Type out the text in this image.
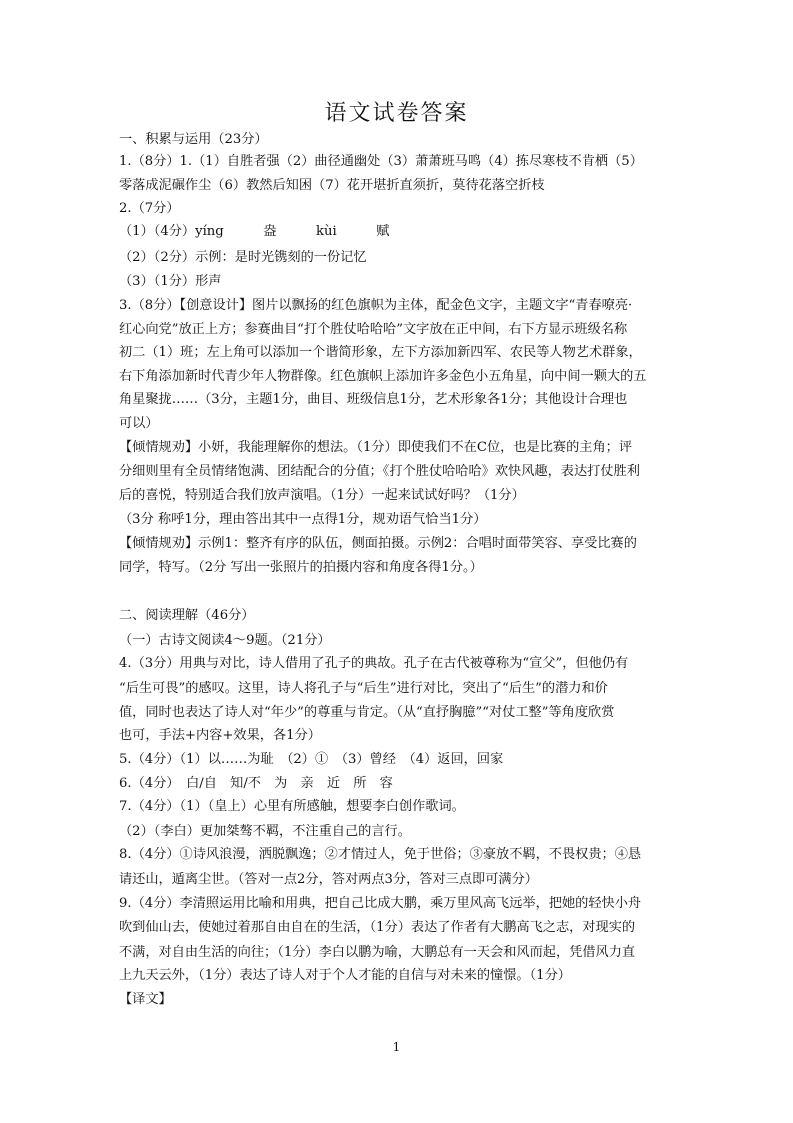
语文试卷答案
一、积累与运用（23分）
1.（8分）1.（1）自胜者强（2）曲径通幽处（3）萧萧班马鸣（4）拣尽寒枝不肯栖（5）
零落成泥碾作尘（6）教然后知困（7）花开堪折直须折，莫待花落空折枝
2.（7分）
（1）（4分）yíng　　　盎　　　kùi　　　赋
（2）（2分）示例：是时光镌刻的一份记忆
（3）（1分）形声
3.（8分）【创意设计】图片以飘扬的红色旗帜为主体，配金色文字，主题文字“青春嘹亮·
红心向党”放正上方；参赛曲目“打个胜仗哈哈哈”文字放在正中间，右下方显示班级名称
初二（1）班；左上角可以添加一个谐简形象，左下方添加新四军、农民等人物艺术群象，
右下角添加新时代青少年人物群像。红色旗帜上添加许多金色小五角星，向中间一颗大的五
角星聚拢……（3分，主题1分，曲目、班级信息1分，艺术形象各1分；其他设计合理也
可以）
【倾情规劝】小妍，我能理解你的想法。（1分）即使我们不在C位，也是比赛的主角；评
分细则里有全员情绪饱满、团结配合的分值；《打个胜仗哈哈哈》欢快风趣，表达打仗胜利
后的喜悦，特别适合我们放声演唱。（1分）一起来试试好吗？（1分）
（3分 称呼1分，理由答出其中一点得1分，规劝语气恰当1分）
【倾情规劝】示例1：整齐有序的队伍，侧面拍摄。示例2：合唱时面带笑容、享受比赛的
同学，特写。（2分 写出一张照片的拍摄内容和角度各得1分。）
二、阅读理解（46分）
（一）古诗文阅读4～9题。（21分）
4.（3分）用典与对比，诗人借用了孔子的典故。孔子在古代被尊称为“宣父”，但他仍有
“后生可畏”的感叹。这里，诗人将孔子与“后生”进行对比，突出了“后生”的潜力和价
值，同时也表达了诗人对“年少”的尊重与肯定。（从“直抒胸臆”“对仗工整”等角度欣赏
也可，手法+内容+效果，各1分）
5.（4分）（1）以……为耻　（2）①　（3）曾经　（4）返回，回家
6.（4分）　白/自　知/不　为　亲　近　所　容
7.（4分）（1）（皇上）心里有所感触，想要李白创作歌词。
（2）（李白）更加桀骜不羁，不注重自己的言行。
8.（4分）①诗风浪漫，洒脱飘逸；②才情过人，免于世俗；③豪放不羁，不畏权贵；④恳
请还山，遁离尘世。（答对一点2分，答对两点3分，答对三点即可满分）
9.（4分）李清照运用比喻和用典，把自己比成大鹏，乘万里风高飞远举，把她的轻快小舟
吹到仙山去，使她过着那自由自在的生活，（1分）表达了作者有大鹏高飞之志，对现实的
不满，对自由生活的向往；（1分）李白以鹏为喻，大鹏总有一天会和风而起，凭借风力直
上九天云外，（1分）表达了诗人对于个人才能的自信与对未来的憧憬。（1分）
【译文】
1
